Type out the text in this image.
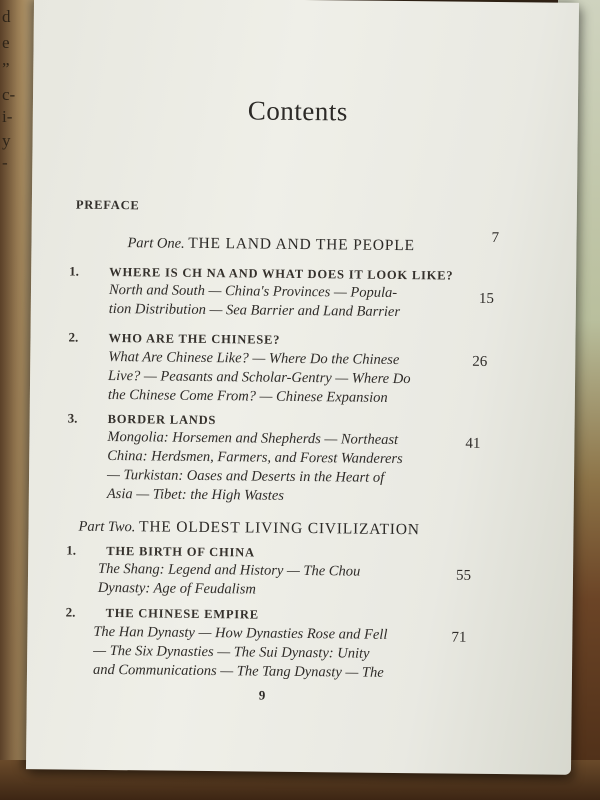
d
e
”
c-
i-
y
-

Contents
PREFACE
7
Part One. THE LAND AND THE PEOPLE
1. WHERE IS CH NA AND WHAT DOES IT LOOK LIKE?
15
North and South — China's Provinces — Popula-
tion Distribution — Sea Barrier and Land Barrier
2. WHO ARE THE CHINESE?
26
What Are Chinese Like? — Where Do the Chinese
Live? — Peasants and Scholar-Gentry — Where Do
the Chinese Come From? — Chinese Expansion
3. BORDER LANDS
41
Mongolia: Horsemen and Shepherds — Northeast
China: Herdsmen, Farmers, and Forest Wanderers
— Turkistan: Oases and Deserts in the Heart of
Asia — Tibet: the High Wastes
Part Two. THE OLDEST LIVING CIVILIZATION
1. THE BIRTH OF CHINA
55
The Shang: Legend and History — The Chou
Dynasty: Age of Feudalism
2. THE CHINESE EMPIRE
71
The Han Dynasty — How Dynasties Rose and Fell
— The Six Dynasties — The Sui Dynasty: Unity
and Communications — The Tang Dynasty — The
9
